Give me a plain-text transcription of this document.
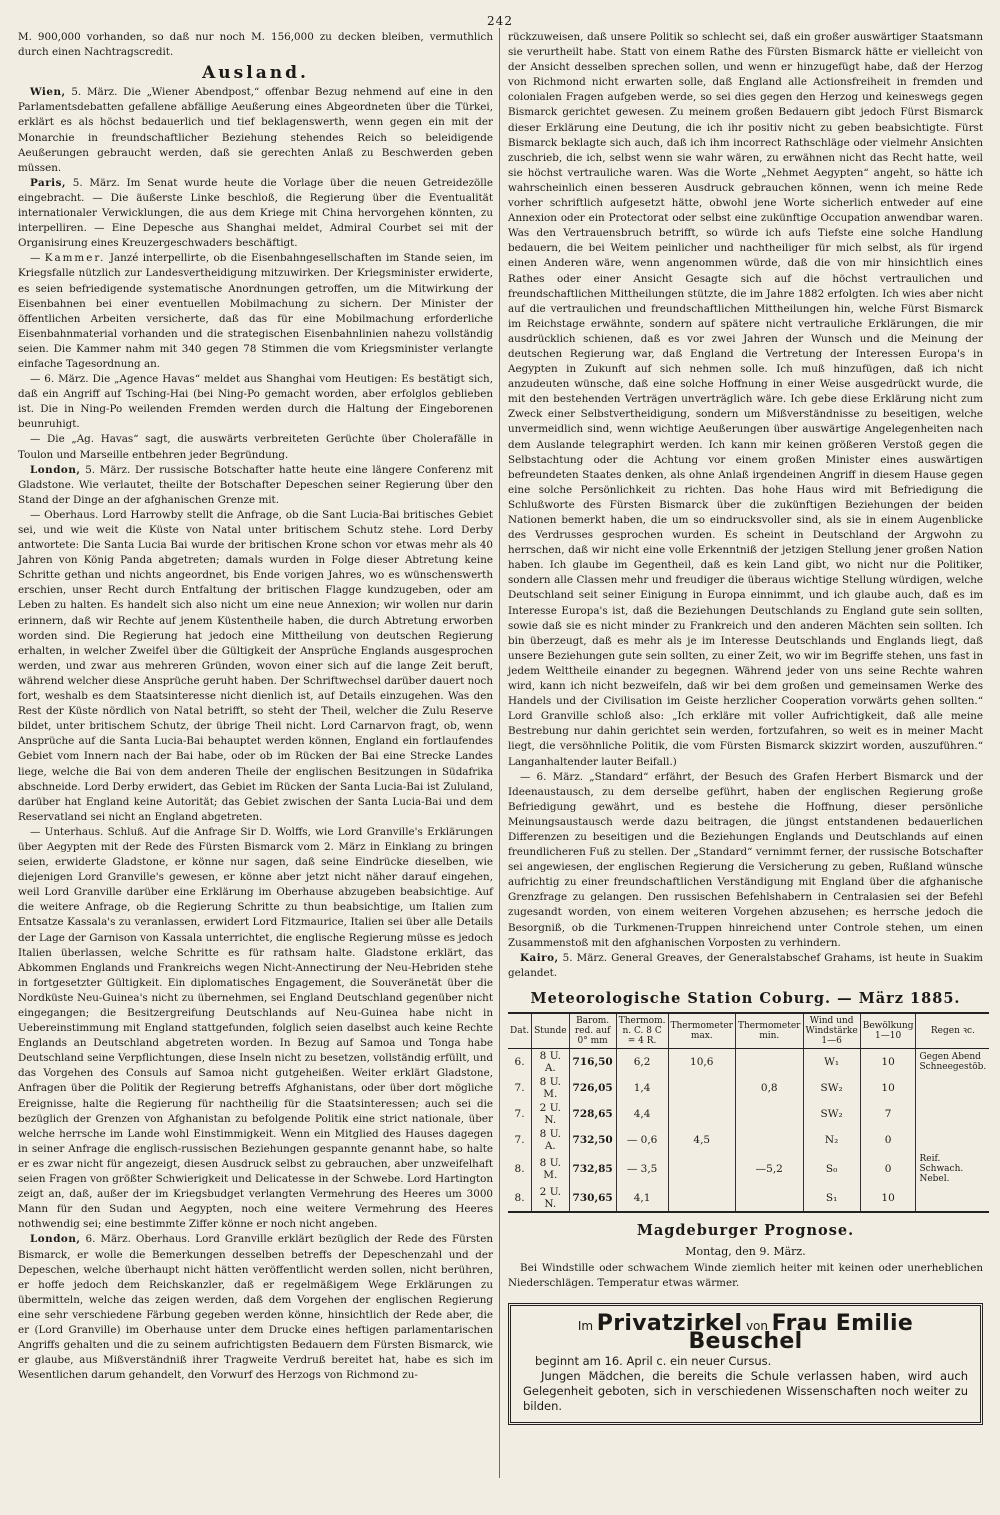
242

M. 900,000 vorhanden, so daß nur noch M. 156,000 zu decken bleiben, vermuthlich durch einen Nachtragscredit.

Ausland.

Wien, 5. März. Die „Wiener Abendpost,“ offenbar Bezug nehmend auf eine in den Parlamentsdebatten gefallene abfällige Aeußerung eines Abgeordneten über die Türkei, erklärt es als höchst bedauerlich und tief beklagenswerth, wenn gegen ein mit der Monarchie in freundschaftlicher Beziehung stehendes Reich so beleidigende Aeußerungen gebraucht werden, daß sie gerechten Anlaß zu Beschwerden geben müssen.

Paris, 5. März. Im Senat wurde heute die Vorlage über die neuen Getreidezölle eingebracht. — Die äußerste Linke beschloß, die Regierung über die Eventualität internationaler Verwicklungen, die aus dem Kriege mit China hervorgehen könnten, zu interpelliren. — Eine Depesche aus Shanghai meldet, Admiral Courbet sei mit der Organisirung eines Kreuzergeschwaders beschäftigt.

— Kammer. Janzé interpellirte, ob die Eisenbahngesellschaften im Stande seien, im Kriegsfalle nützlich zur Landesvertheidigung mitzuwirken. Der Kriegsminister erwiderte, es seien befriedigende systematische Anordnungen getroffen, um die Mitwirkung der Eisenbahnen bei einer eventuellen Mobilmachung zu sichern. Der Minister der öffentlichen Arbeiten versicherte, daß das für eine Mobilmachung erforderliche Eisenbahnmaterial vorhanden und die strategischen Eisenbahnlinien nahezu vollständig seien. Die Kammer nahm mit 340 gegen 78 Stimmen die vom Kriegsminister verlangte einfache Tagesordnung an.

— 6. März. Die „Agence Havas“ meldet aus Shanghai vom Heutigen: Es bestätigt sich, daß ein Angriff auf Tsching-Hai (bei Ning-Po gemacht worden, aber erfolglos geblieben ist. Die in Ning-Po weilenden Fremden werden durch die Haltung der Eingeborenen beunruhigt.

— Die „Ag. Havas“ sagt, die auswärts verbreiteten Gerüchte über Cholerafälle in Toulon und Marseille entbehren jeder Begründung.

London, 5. März. Der russische Botschafter hatte heute eine längere Conferenz mit Gladstone. Wie verlautet, theilte der Botschafter Depeschen seiner Regierung über den Stand der Dinge an der afghanischen Grenze mit.

— Oberhaus. Lord Harrowby stellt die Anfrage, ob die Sant Lucia-Bai britisches Gebiet sei, und wie weit die Küste von Natal unter britischem Schutz stehe. Lord Derby antwortete: Die Santa Lucia Bai wurde der britischen Krone schon vor etwas mehr als 40 Jahren von König Panda abgetreten; damals wurden in Folge dieser Abtretung keine Schritte gethan und nichts angeordnet, bis Ende vorigen Jahres, wo es wünschenswerth erschien, unser Recht durch Entfaltung der britischen Flagge kundzugeben, oder am Leben zu halten. Es handelt sich also nicht um eine neue Annexion; wir wollen nur darin erinnern, daß wir Rechte auf jenem Küstentheile haben, die durch Abtretung erworben worden sind. Die Regierung hat jedoch eine Mittheilung von deutschen Regierung erhalten, in welcher Zweifel über die Gültigkeit der Ansprüche Englands ausgesprochen werden, und zwar aus mehreren Gründen, wovon einer sich auf die lange Zeit beruft, während welcher diese Ansprüche geruht haben. Der Schriftwechsel darüber dauert noch fort, weshalb es dem Staatsinteresse nicht dienlich ist, auf Details einzugehen. Was den Rest der Küste nördlich von Natal betrifft, so steht der Theil, welcher die Zulu Reserve bildet, unter britischem Schutz, der übrige Theil nicht. Lord Carnarvon fragt, ob, wenn Ansprüche auf die Santa Lucia-Bai behauptet werden können, England ein fortlaufendes Gebiet vom Innern nach der Bai habe, oder ob im Rücken der Bai eine Strecke Landes liege, welche die Bai von dem anderen Theile der englischen Besitzungen in Südafrika abschneide. Lord Derby erwidert, das Gebiet im Rücken der Santa Lucia-Bai ist Zululand, darüber hat England keine Autorität; das Gebiet zwischen der Santa Lucia-Bai und dem Reservatland sei nicht an England abgetreten.

— Unterhaus. Schluß. Auf die Anfrage Sir D. Wolffs, wie Lord Granville's Erklärungen über Aegypten mit der Rede des Fürsten Bismarck vom 2. März in Einklang zu bringen seien, erwiderte Gladstone, er könne nur sagen, daß seine Eindrücke dieselben, wie diejenigen Lord Granville's gewesen, er könne aber jetzt nicht näher darauf eingehen, weil Lord Granville darüber eine Erklärung im Oberhause abzugeben beabsichtige. Auf die weitere Anfrage, ob die Regierung Schritte zu thun beabsichtige, um Italien zum Entsatze Kassala's zu veranlassen, erwidert Lord Fitzmaurice, Italien sei über alle Details der Lage der Garnison von Kassala unterrichtet, die englische Regierung müsse es jedoch Italien überlassen, welche Schritte es für rathsam halte. Gladstone erklärt, das Abkommen Englands und Frankreichs wegen Nicht-Annectirung der Neu-Hebriden stehe in fortgesetzter Gültigkeit. Ein diplomatisches Engagement, die Souveränetät über die Nordküste Neu-Guinea's nicht zu übernehmen, sei England Deutschland gegenüber nicht eingegangen; die Besitzergreifung Deutschlands auf Neu-Guinea habe nicht in Uebereinstimmung mit England stattgefunden, folglich seien daselbst auch keine Rechte Englands an Deutschland abgetreten worden. In Bezug auf Samoa und Tonga habe Deutschland seine Verpflichtungen, diese Inseln nicht zu besetzen, vollständig erfüllt, und das Vorgehen des Consuls auf Samoa nicht gutgeheißen. Weiter erklärt Gladstone, Anfragen über die Politik der Regierung betreffs Afghanistans, oder über dort mögliche Ereignisse, halte die Regierung für nachtheilig für die Staatsinteressen; auch sei die bezüglich der Grenzen von Afghanistan zu befolgende Politik eine strict nationale, über welche herrsche im Lande wohl Einstimmigkeit. Wenn ein Mitglied des Hauses dagegen in seiner Anfrage die englisch-russischen Beziehungen gespannte genannt habe, so halte er es zwar nicht für angezeigt, diesen Ausdruck selbst zu gebrauchen, aber unzweifelhaft seien Fragen von größter Schwierigkeit und Delicatesse in der Schwebe. Lord Hartington zeigt an, daß, außer der im Kriegsbudget verlangten Vermehrung des Heeres um 3000 Mann für den Sudan und Aegypten, noch eine weitere Vermehrung des Heeres nothwendig sei; eine bestimmte Ziffer könne er noch nicht angeben.

London, 6. März. Oberhaus. Lord Granville erklärt bezüglich der Rede des Fürsten Bismarck, er wolle die Bemerkungen desselben betreffs der Depeschenzahl und der Depeschen, welche überhaupt nicht hätten veröffentlicht werden sollen, nicht berühren, er hoffe jedoch dem Reichskanzler, daß er regelmäßigem Wege Erklärungen zu übermitteln, welche das zeigen werden, daß dem Vorgehen der englischen Regierung eine sehr verschiedene Färbung gegeben werden könne, hinsichtlich der Rede aber, die er (Lord Granville) im Oberhause unter dem Drucke eines heftigen parlamentarischen Angriffs gehalten und die zu seinem aufrichtigsten Bedauern dem Fürsten Bismarck, wie er glaube, aus Mißverständniß ihrer Tragweite Verdruß bereitet hat, habe es sich im Wesentlichen darum gehandelt, den Vorwurf des Herzogs von Richmond zu-

rückzuweisen, daß unsere Politik so schlecht sei, daß ein großer auswärtiger Staatsmann sie verurtheilt habe. Statt von einem Rathe des Fürsten Bismarck hätte er vielleicht von der Ansicht desselben sprechen sollen, und wenn er hinzugefügt habe, daß der Herzog von Richmond nicht erwarten solle, daß England alle Actionsfreiheit in fremden und colonialen Fragen aufgeben werde, so sei dies gegen den Herzog und keineswegs gegen Bismarck gerichtet gewesen. Zu meinem großen Bedauern gibt jedoch Fürst Bismarck dieser Erklärung eine Deutung, die ich ihr positiv nicht zu geben beabsichtigte. Fürst Bismarck beklagte sich auch, daß ich ihm incorrect Rathschläge oder vielmehr Ansichten zuschrieb, die ich, selbst wenn sie wahr wären, zu erwähnen nicht das Recht hatte, weil sie höchst vertrauliche waren. Was die Worte „Nehmet Aegypten“ angeht, so hätte ich wahrscheinlich einen besseren Ausdruck gebrauchen können, wenn ich meine Rede vorher schriftlich aufgesetzt hätte, obwohl jene Worte sicherlich entweder auf eine Annexion oder ein Protectorat oder selbst eine zukünftige Occupation anwendbar waren. Was den Vertrauensbruch betrifft, so würde ich aufs Tiefste eine solche Handlung bedauern, die bei Weitem peinlicher und nachtheiliger für mich selbst, als für irgend einen Anderen wäre, wenn angenommen würde, daß die von mir hinsichtlich eines Rathes oder einer Ansicht Gesagte sich auf die höchst vertraulichen und freundschaftlichen Mittheilungen stützte, die im Jahre 1882 erfolgten. Ich wies aber nicht auf die vertraulichen und freundschaftlichen Mittheilungen hin, welche Fürst Bismarck im Reichstage erwähnte, sondern auf spätere nicht vertrauliche Erklärungen, die mir ausdrücklich schienen, daß es vor zwei Jahren der Wunsch und die Meinung der deutschen Regierung war, daß England die Vertretung der Interessen Europa's in Aegypten in Zukunft auf sich nehmen solle. Ich muß hinzufügen, daß ich nicht anzudeuten wünsche, daß eine solche Hoffnung in einer Weise ausgedrückt wurde, die mit den bestehenden Verträgen unverträglich wäre. Ich gebe diese Erklärung nicht zum Zweck einer Selbstvertheidigung, sondern um Mißverständnisse zu beseitigen, welche unvermeidlich sind, wenn wichtige Aeußerungen über auswärtige Angelegenheiten nach dem Auslande telegraphirt werden. Ich kann mir keinen größeren Verstoß gegen die Selbstachtung oder die Achtung vor einem großen Minister eines auswärtigen befreundeten Staates denken, als ohne Anlaß irgendeinen Angriff in diesem Hause gegen eine solche Persönlichkeit zu richten. Das hohe Haus wird mit Befriedigung die Schlußworte des Fürsten Bismarck über die zukünftigen Beziehungen der beiden Nationen bemerkt haben, die um so eindrucksvoller sind, als sie in einem Augenblicke des Verdrusses gesprochen wurden. Es scheint in Deutschland der Argwohn zu herrschen, daß wir nicht eine volle Erkenntniß der jetzigen Stellung jener großen Nation haben. Ich glaube im Gegentheil, daß es kein Land gibt, wo nicht nur die Politiker, sondern alle Classen mehr und freudiger die überaus wichtige Stellung würdigen, welche Deutschland seit seiner Einigung in Europa einnimmt, und ich glaube auch, daß es im Interesse Europa's ist, daß die Beziehungen Deutschlands zu England gute sein sollten, sowie daß sie es nicht minder zu Frankreich und den anderen Mächten sein sollten. Ich bin überzeugt, daß es mehr als je im Interesse Deutschlands und Englands liegt, daß unsere Beziehungen gute sein sollten, zu einer Zeit, wo wir im Begriffe stehen, uns fast in jedem Welttheile einander zu begegnen. Während jeder von uns seine Rechte wahren wird, kann ich nicht bezweifeln, daß wir bei dem großen und gemeinsamen Werke des Handels und der Civilisation im Geiste herzlicher Cooperation vorwärts gehen sollten.“ Lord Granville schloß also: „Ich erkläre mit voller Aufrichtigkeit, daß alle meine Bestrebung nur dahin gerichtet sein werden, fortzufahren, so weit es in meiner Macht liegt, die versöhnliche Politik, die vom Fürsten Bismarck skizzirt worden, auszuführen.“ Langanhaltender lauter Beifall.)

— 6. März. „Standard“ erfährt, der Besuch des Grafen Herbert Bismarck und der Ideenaustausch, zu dem derselbe geführt, haben der englischen Regierung große Befriedigung gewährt, und es bestehe die Hoffnung, dieser persönliche Meinungsaustausch werde dazu beitragen, die jüngst entstandenen bedauerlichen Differenzen zu beseitigen und die Beziehungen Englands und Deutschlands auf einen freundlicheren Fuß zu stellen. Der „Standard“ vernimmt ferner, der russische Botschafter sei angewiesen, der englischen Regierung die Versicherung zu geben, Rußland wünsche aufrichtig zu einer freundschaftlichen Verständigung mit England über die afghanische Grenzfrage zu gelangen. Den russischen Befehlshabern in Centralasien sei der Befehl zugesandt worden, von einem weiteren Vorgehen abzusehen; es herrsche jedoch die Besorgniß, ob die Turkmenen-Truppen hinreichend unter Controle stehen, um einen Zusammenstoß mit den afghanischen Vorposten zu verhindern.

Kairo, 5. März. General Greaves, der Generalstabschef Grahams, ist heute in Suakim gelandet.

Meteorologische Station Coburg. — März 1885.
Dat.	Stunde	Barom. red. auf 0° mm	Thermom. n. C. 8 C = 4 R.	Thermometer max.	Thermometer min.	Wind und Windstärke 1—6	Bewölkung 1—10	Regen ꝛc.
6.	8 U. A.	716,50	6,2	10,6		W₁	10	Gegen Abend Schneegestöb.
7.	8 U. M.	726,05	1,4		0,8	SW₂	10	
7.	2 U. N.	728,65	4,4			SW₂	7	
7.	8 U. A.	732,50	— 0,6	4,5		N₂	0	
8.	8 U. M.	732,85	— 3,5		—5,2	S₀	0	Reif. Schwach. Nebel.
8.	2 U. N.	730,65	4,1			S₁	10	
Magdeburger Prognose.
Montag, den 9. März.

Bei Windstille oder schwachem Winde ziemlich heiter mit keinen oder unerheblichen Niederschlägen. Temperatur etwas wärmer.

Im Privatzirkel von Frau Emilie Beuschel

beginnt am 16. April c. ein neuer Cursus.

Jungen Mädchen, die bereits die Schule verlassen haben, wird auch Gelegenheit geboten, sich in verschiedenen Wissenschaften noch weiter zu bilden.
